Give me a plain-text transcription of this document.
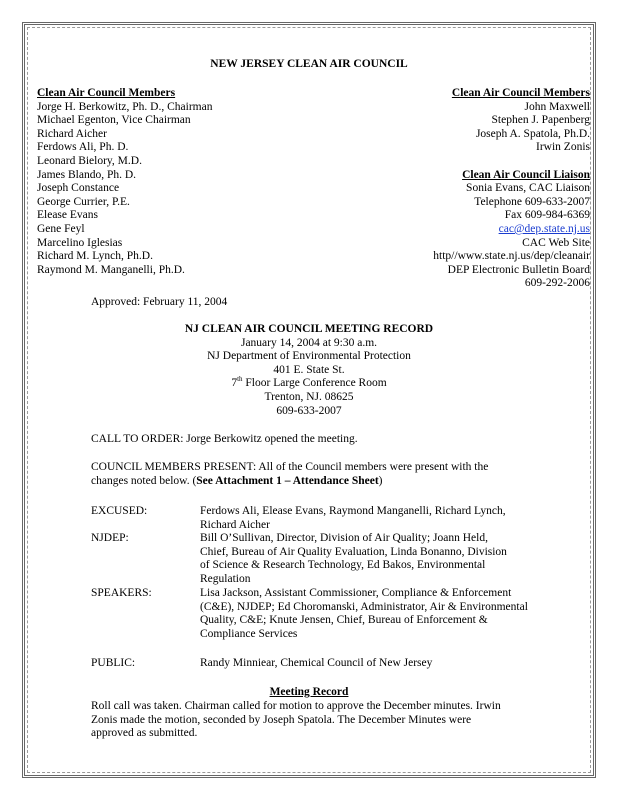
NEW JERSEY CLEAN AIR COUNCIL
Clean Air Council Members
Jorge H. Berkowitz, Ph. D., Chairman
Michael Egenton, Vice Chairman
Richard Aicher
Ferdows Ali, Ph. D.
Leonard Bielory, M.D.
James Blando, Ph. D.
Joseph Constance
George Currier, P.E.
Elease Evans
Gene Feyl
Marcelino Iglesias
Richard M. Lynch, Ph.D.
Raymond M. Manganelli, Ph.D.
Clean Air Council Members
John Maxwell
Stephen J. Papenberg
Joseph A. Spatola, Ph.D.
Irwin Zonis
Clean Air Council Liaison
Sonia Evans, CAC Liaison
Telephone 609-633-2007
Fax 609-984-6369
cac@dep.state.nj.us
CAC Web Site
http//www.state.nj.us/dep/cleanair
DEP Electronic Bulletin Board
609-292-2006
Approved: February 11, 2004
NJ CLEAN AIR COUNCIL MEETING RECORD
January 14, 2004 at 9:30 a.m.
NJ Department of Environmental Protection
401 E. State St.
7th Floor Large Conference Room
Trenton, NJ. 08625
609-633-2007
CALL TO ORDER: Jorge Berkowitz opened the meeting.
COUNCIL MEMBERS PRESENT: All of the Council members were present with the
changes noted below. (See Attachment 1 – Attendance Sheet)
EXCUSED:	Ferdows Ali, Elease Evans, Raymond Manganelli, Richard Lynch,
Richard Aicher
NJDEP:	Bill O’Sullivan, Director, Division of Air Quality; Joann Held,
Chief, Bureau of Air Quality Evaluation, Linda Bonanno, Division
of Science & Research Technology, Ed Bakos, Environmental
Regulation
SPEAKERS:	Lisa Jackson, Assistant Commissioner, Compliance & Enforcement
(C&E), NJDEP; Ed Choromanski, Administrator, Air & Environmental
Quality, C&E; Knute Jensen, Chief, Bureau of Enforcement &
Compliance Services
PUBLIC:	Randy Minniear, Chemical Council of New Jersey
Meeting Record
Roll call was taken. Chairman called for motion to approve the December minutes. Irwin
Zonis made the motion, seconded by Joseph Spatola. The December Minutes were
approved as submitted.
